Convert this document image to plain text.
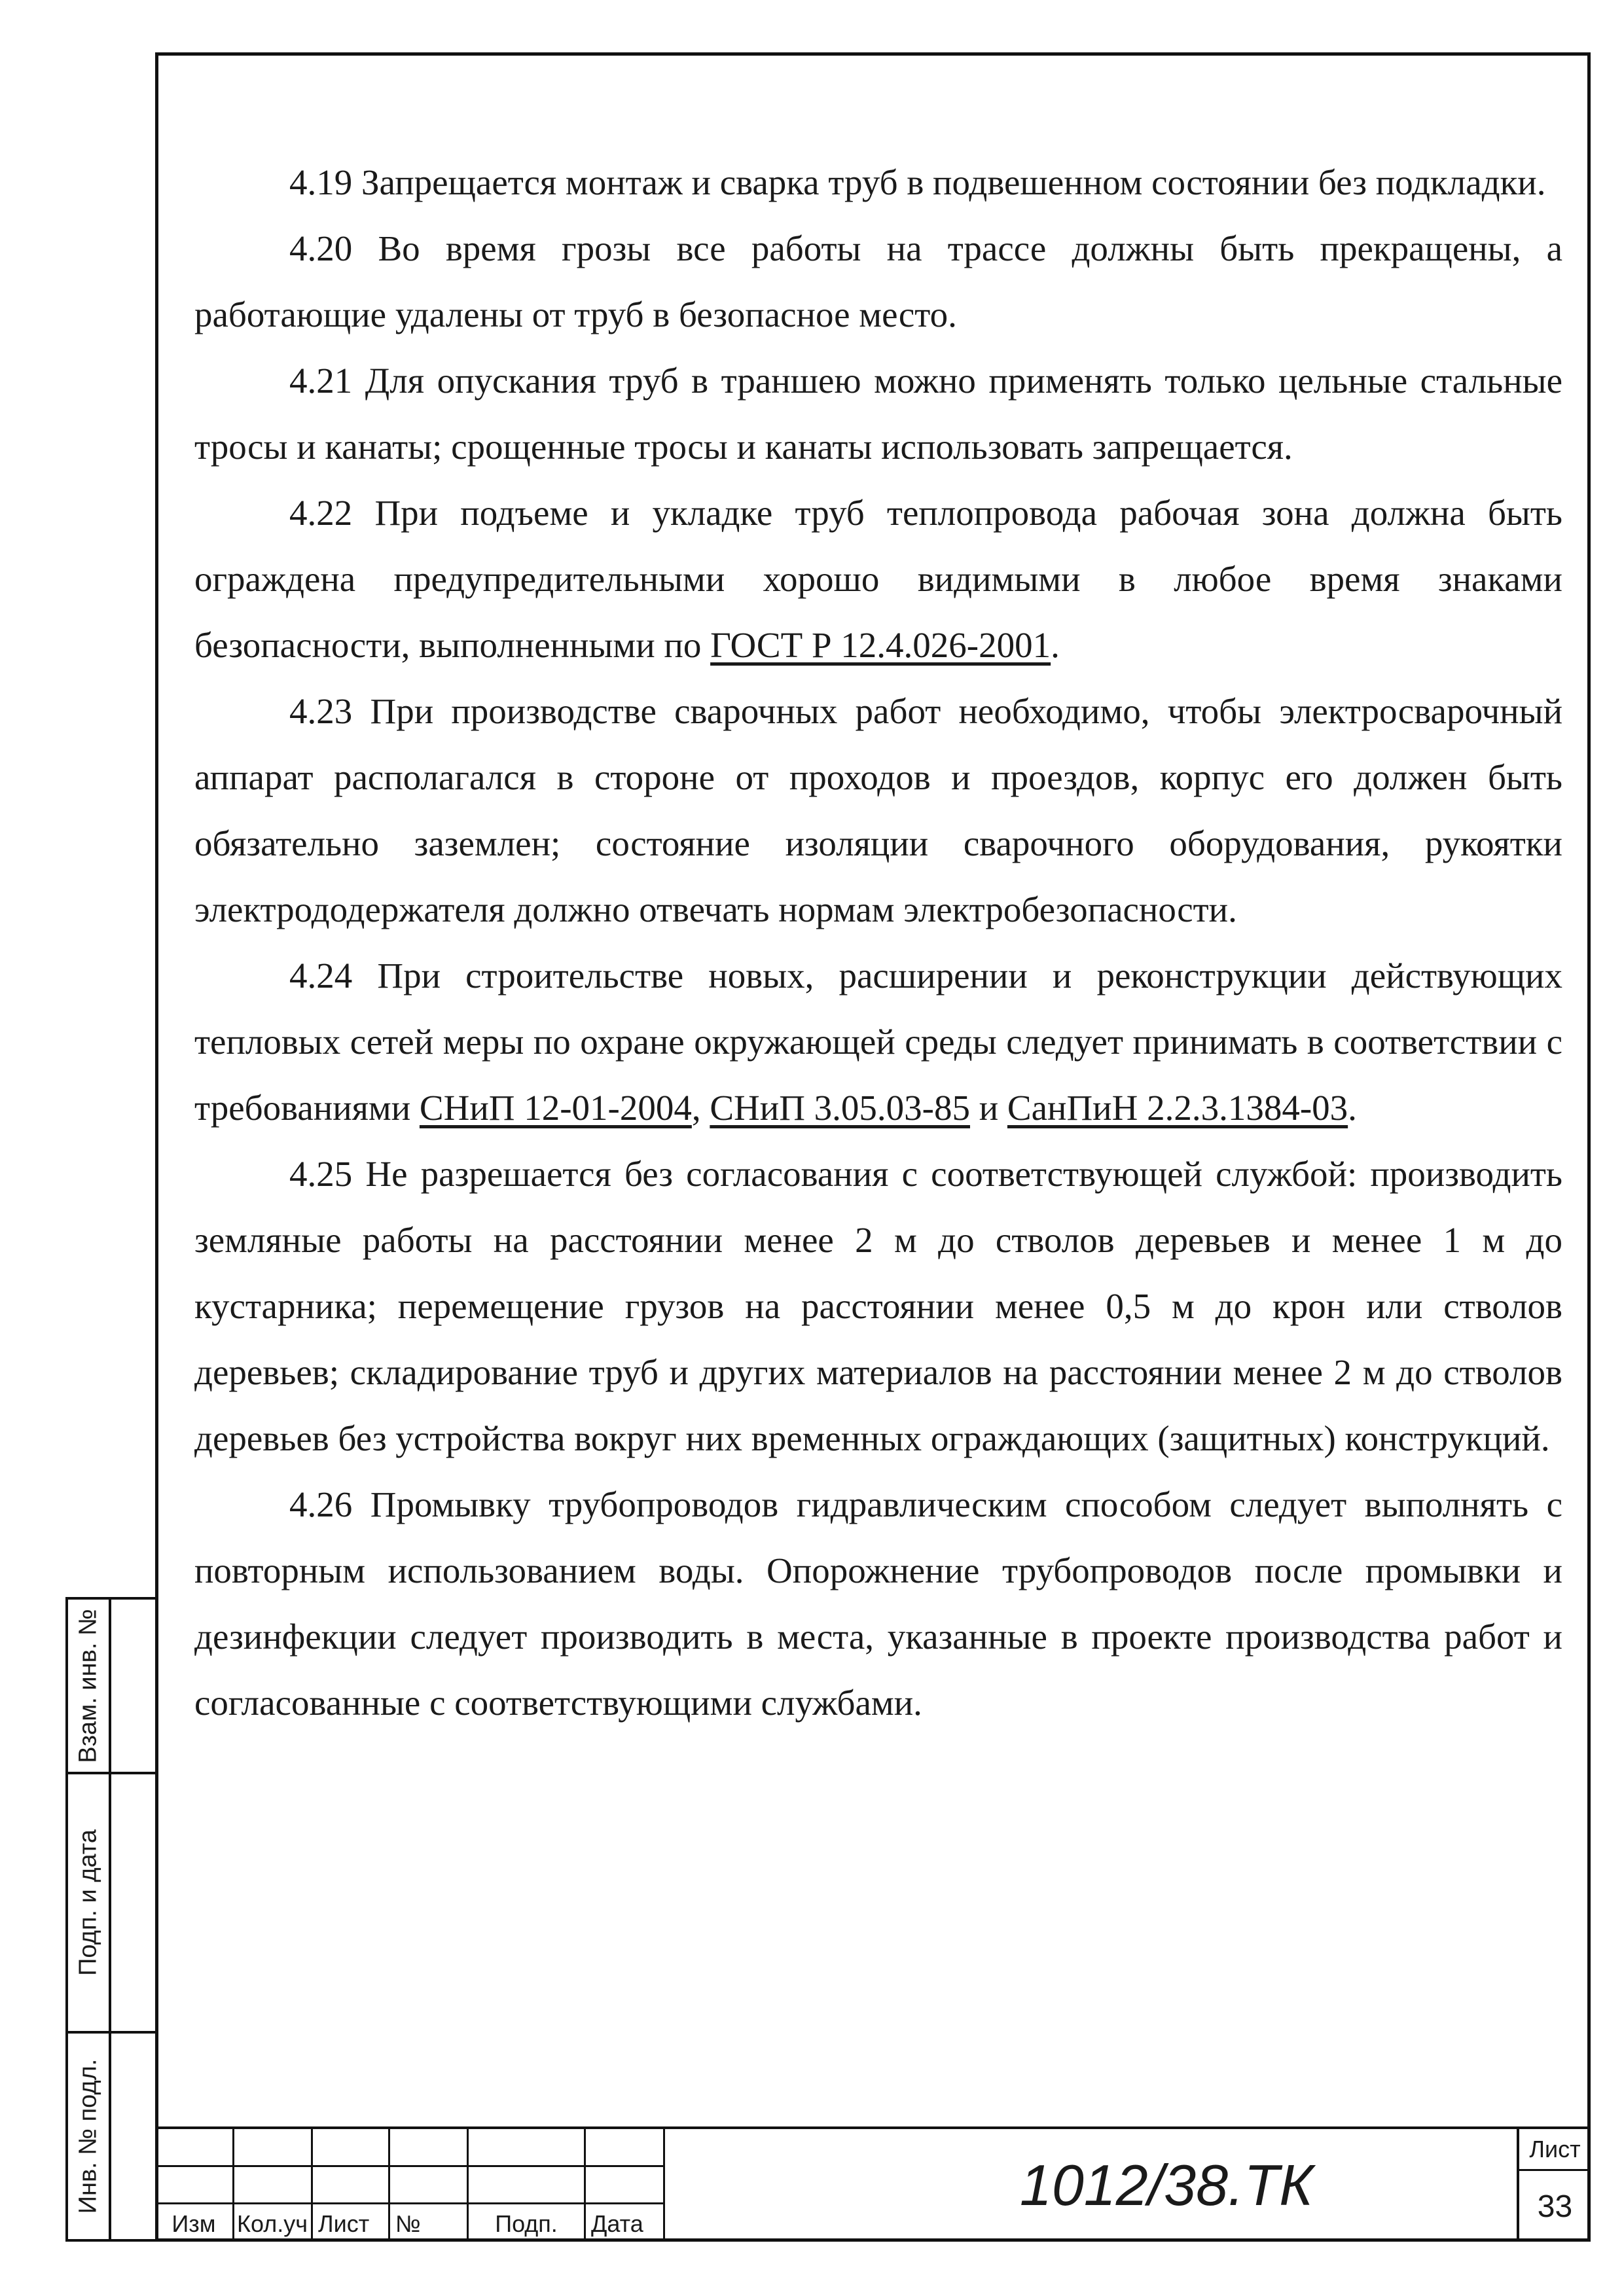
4.19 Запрещается монтаж и сварка труб в подвешенном состоянии без подкладки.

4.20 Во время грозы все работы на трассе должны быть прекращены, а работающие удалены от труб в безопасное место.

4.21 Для опускания труб в траншею можно применять только цельные стальные тросы и канаты; срощенные тросы и канаты использовать запрещается.

4.22 При подъеме и укладке труб теплопровода рабочая зона должна быть ограждена предупредительными хорошо видимыми в любое время знаками безопасности, выполненными по ГОСТ Р 12.4.026-2001.

4.23 При производстве сварочных работ необходимо, чтобы электросварочный аппарат располагался в стороне от проходов и проездов, корпус его должен быть обязательно заземлен; состояние изоляции сварочного оборудования, рукоятки электрододержателя должно отвечать нормам электробезопасности.

4.24 При строительстве новых, расширении и реконструкции действующих тепловых сетей меры по охране окружающей среды следует принимать в соответствии с требованиями СНиП 12-01-2004, СНиП 3.05.03-85 и СанПиН 2.2.3.1384-03.

4.25 Не разрешается без согласования с соответствующей службой: производить земляные работы на расстоянии менее 2 м до стволов деревьев и менее 1 м до кустарника; перемещение грузов на расстоянии менее 0,5 м до крон или стволов деревьев; складирование труб и других материалов на расстоянии менее 2 м до стволов деревьев без устройства вокруг них временных ограждающих (защитных) конструкций.

4.26 Промывку трубопроводов гидравлическим способом следует выполнять с повторным использованием воды. Опорожнение трубопроводов после промывки и дезинфекции следует производить в места, указанные в проекте производства работ и согласованные с соответствующими службами.

Взам. инв. №
Подп. и дата
Инв. № подл.
Изм Кол.уч Лист №	Подп. Дата
1012/38.ТК
Лист
33
